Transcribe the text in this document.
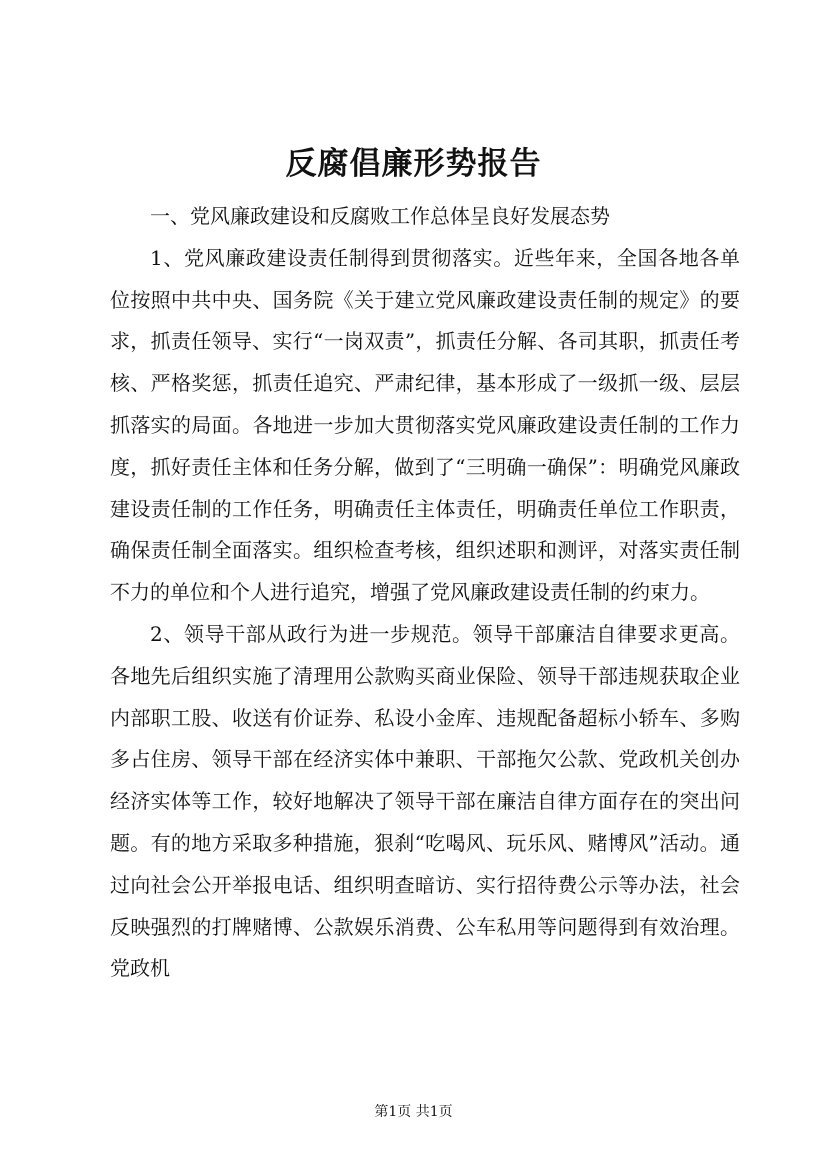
反腐倡廉形势报告

一、党风廉政建设和反腐败工作总体呈良好发展态势

1、党风廉政建设责任制得到贯彻落实。近些年来，全国各地各单位按照中共中央、国务院《关于建立党风廉政建设责任制的规定》的要求，抓责任领导、实行“一岗双责”，抓责任分解、各司其职，抓责任考核、严格奖惩，抓责任追究、严肃纪律，基本形成了一级抓一级、层层抓落实的局面。各地进一步加大贯彻落实党风廉政建设责任制的工作力度，抓好责任主体和任务分解，做到了“三明确一确保”：明确党风廉政建设责任制的工作任务，明确责任主体责任，明确责任单位工作职责，确保责任制全面落实。组织检查考核，组织述职和测评，对落实责任制不力的单位和个人进行追究，增强了党风廉政建设责任制的约束力。

2、领导干部从政行为进一步规范。领导干部廉洁自律要求更高。各地先后组织实施了清理用公款购买商业保险、领导干部违规获取企业内部职工股、收送有价证券、私设小金库、违规配备超标小轿车、多购多占住房、领导干部在经济实体中兼职、干部拖欠公款、党政机关创办经济实体等工作，较好地解决了领导干部在廉洁自律方面存在的突出问题。有的地方采取多种措施，狠刹“吃喝风、玩乐风、赌博风”活动。通过向社会公开举报电话、组织明查暗访、实行招待费公示等办法，社会反映强烈的打牌赌博、公款娱乐消费、公车私用等问题得到有效治理。党政机

第1页 共1页
